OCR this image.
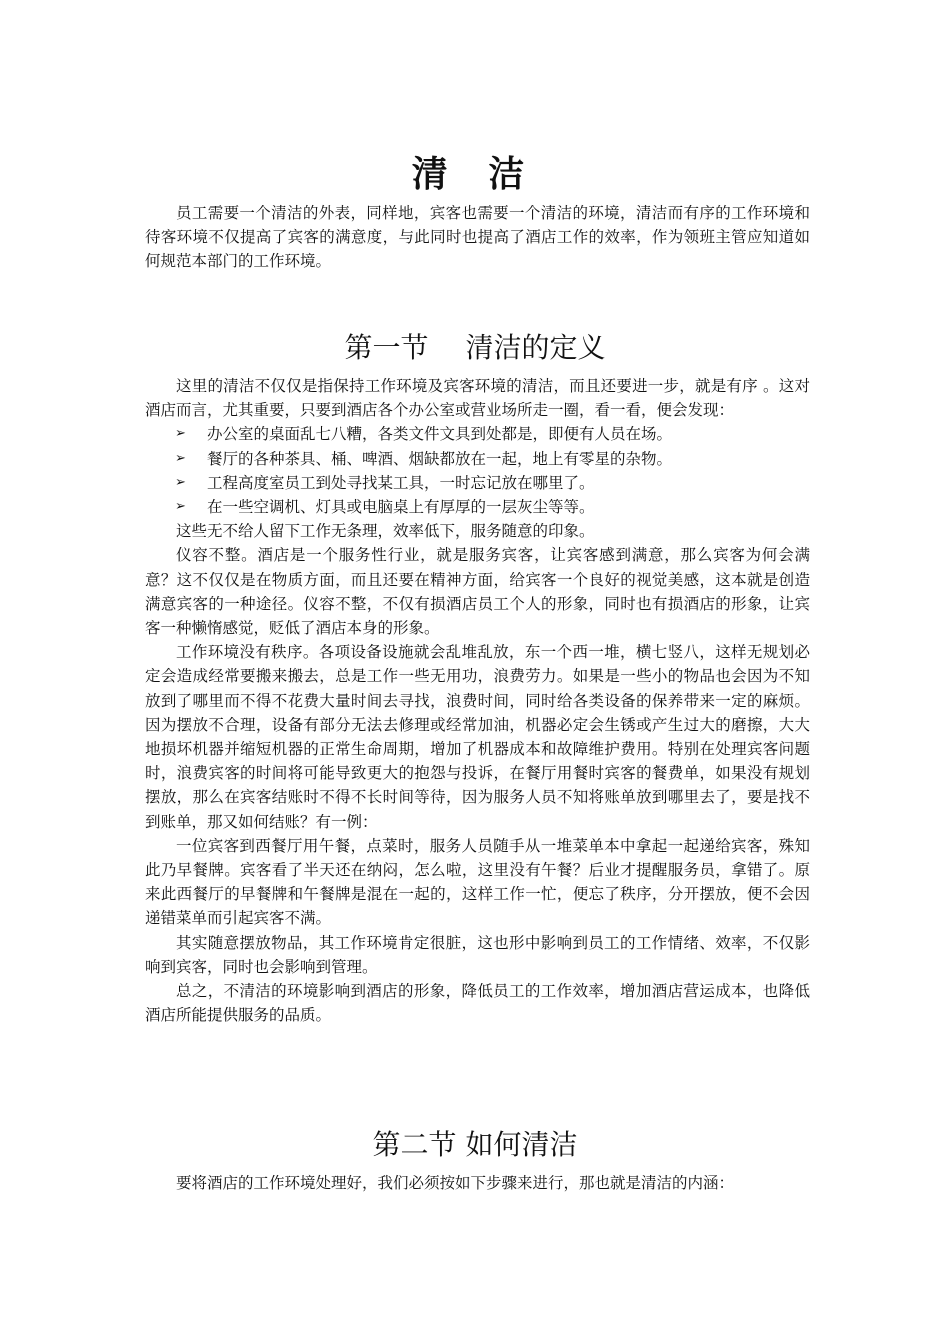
清 洁

员工需要一个清洁的外表，同样地，宾客也需要一个清洁的环境，清洁而有序的工作环境和待客环境不仅提高了宾客的满意度，与此同时也提高了酒店工作的效率，作为领班主管应知道如何规范本部门的工作环境。

第一节　 清洁的定义

这里的清洁不仅仅是指保持工作环境及宾客环境的清洁，而且还要进一步，就是有序 。这对酒店而言，尤其重要，只要到酒店各个办公室或营业场所走一圈，看一看，便会发现：

➢ 办公室的桌面乱七八糟，各类文件文具到处都是，即便有人员在场。
➢ 餐厅的各种茶具、桶、啤酒、烟缺都放在一起，地上有零星的杂物。
➢ 工程高度室员工到处寻找某工具，一时忘记放在哪里了。
➢ 在一些空调机、灯具或电脑桌上有厚厚的一层灰尘等等。

这些无不给人留下工作无条理，效率低下，服务随意的印象。

仪容不整。酒店是一个服务性行业，就是服务宾客，让宾客感到满意，那么宾客为何会满意？这不仅仅是在物质方面，而且还要在精神方面，给宾客一个良好的视觉美感，这本就是创造满意宾客的一种途径。仪容不整，不仅有损酒店员工个人的形象，同时也有损酒店的形象，让宾客一种懒惰感觉，贬低了酒店本身的形象。

工作环境没有秩序。各项设备设施就会乱堆乱放，东一个西一堆，横七竖八，这样无规划必定会造成经常要搬来搬去，总是工作一些无用功，浪费劳力。如果是一些小的物品也会因为不知放到了哪里而不得不花费大量时间去寻找，浪费时间，同时给各类设备的保养带来一定的麻烦。因为摆放不合理，设备有部分无法去修理或经常加油，机器必定会生锈或产生过大的磨擦，大大地损坏机器并缩短机器的正常生命周期，增加了机器成本和故障维护费用。特别在处理宾客问题时，浪费宾客的时间将可能导致更大的抱怨与投诉，在餐厅用餐时宾客的餐费单，如果没有规划摆放，那么在宾客结账时不得不长时间等待，因为服务人员不知将账单放到哪里去了，要是找不到账单，那又如何结账？有一例：

一位宾客到西餐厅用午餐，点菜时，服务人员随手从一堆菜单本中拿起一起递给宾客，殊知此乃早餐牌。宾客看了半天还在纳闷，怎么啦，这里没有午餐？后业才提醒服务员，拿错了。原来此西餐厅的早餐牌和午餐牌是混在一起的，这样工作一忙，便忘了秩序，分开摆放，便不会因递错菜单而引起宾客不满。

其实随意摆放物品，其工作环境肯定很脏，这也形中影响到员工的工作情绪、效率，不仅影响到宾客，同时也会影响到管理。

总之，不清洁的环境影响到酒店的形象，降低员工的工作效率，增加酒店营运成本，也降低酒店所能提供服务的品质。

第二节 如何清洁

要将酒店的工作环境处理好，我们必须按如下步骤来进行，那也就是清洁的内涵：
